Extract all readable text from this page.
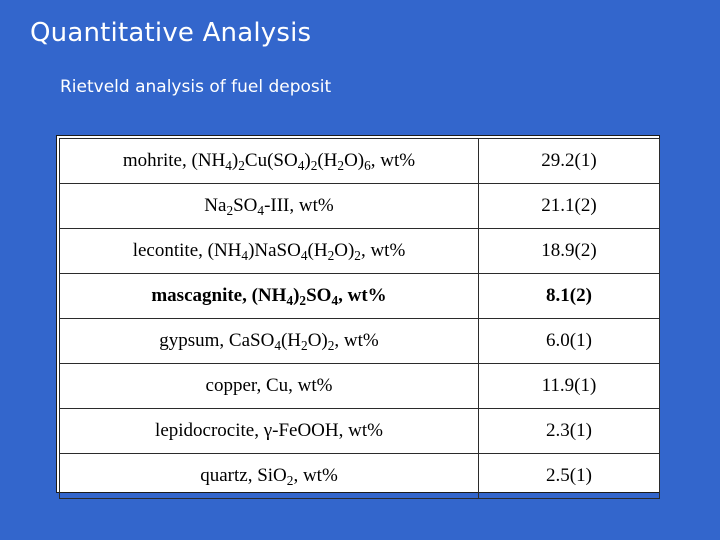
Quantitative Analysis

Rietveld analysis of fuel deposit

mohrite, $(NH_4)_2Cu(SO_4)_2(H_2O)_6$, wt%	29.2(1)
$Na_2SO_4$-III, wt%	21.1(2)
lecontite, $(NH_4)NaSO_4(H_2O)_2$, wt%	18.9(2)
mascagnite, $(NH_4)_2SO_4$, wt%	8.1(2)
gypsum, $CaSO_4(H_2O)_2$, wt%	6.0(1)
copper, Cu, wt%	11.9(1)
lepidocrocite, γ-FeOOH, wt%	2.3(1)
quartz, SiO$_2$, wt%	2.5(1)
